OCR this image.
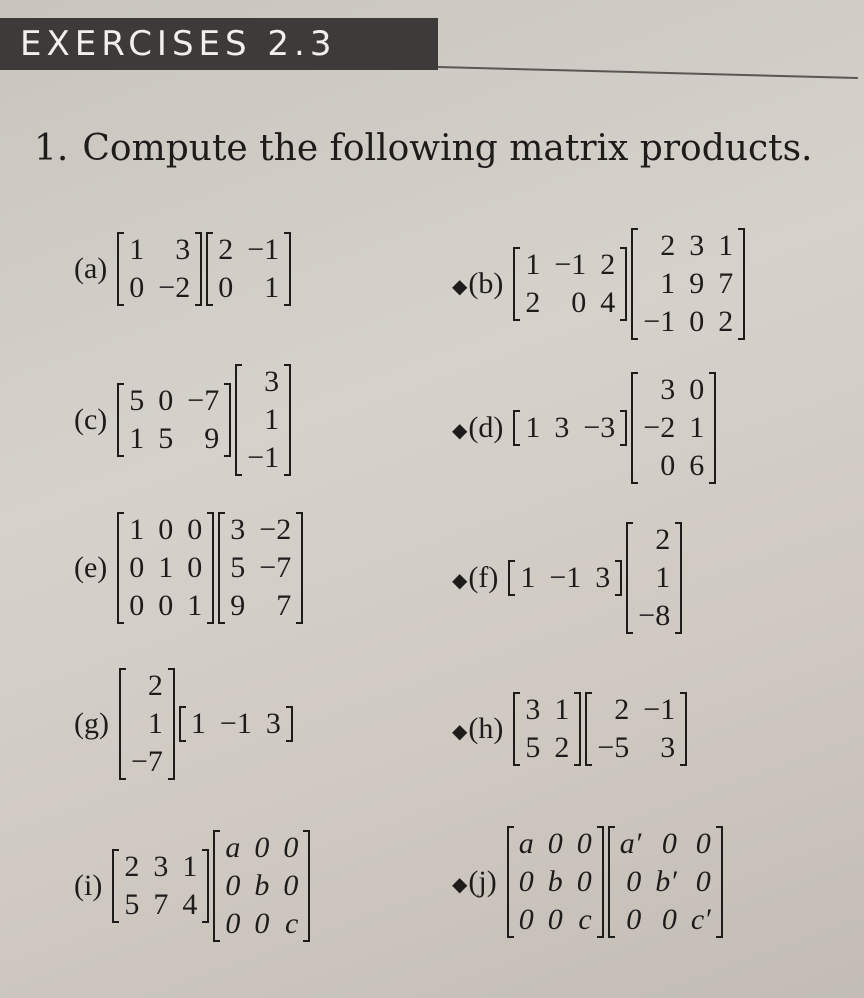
EXERCISES 2.3
1. Compute the following matrix products.
(a)
1	3
0 −2
2 −1
0	1	◆(b)
1 −1 2
2	0 4
2 3 1
1 9 7
−1 0 2
(c)
5 0 −7
1 5	9
3
1
−1
◆(d) 1 3 −3
3 0
−2 1
0 6
(e)
1 0 0
0 1 0
0 0 1
3 −2
5 −7
9	7
◆(f) 1 −1 3
2
1
−8
(g)
2
1
−7
1 −1 3	◆(h)
3 1
5 2
2 −1
−5	3
(i)
2 3 1
5 7 4
a 0 0
0 b 0
0 0 c
◆(j)
a 0 0
0 b 0
0 0 c
a′ 0 0
0 b′ 0
0 0 c′
